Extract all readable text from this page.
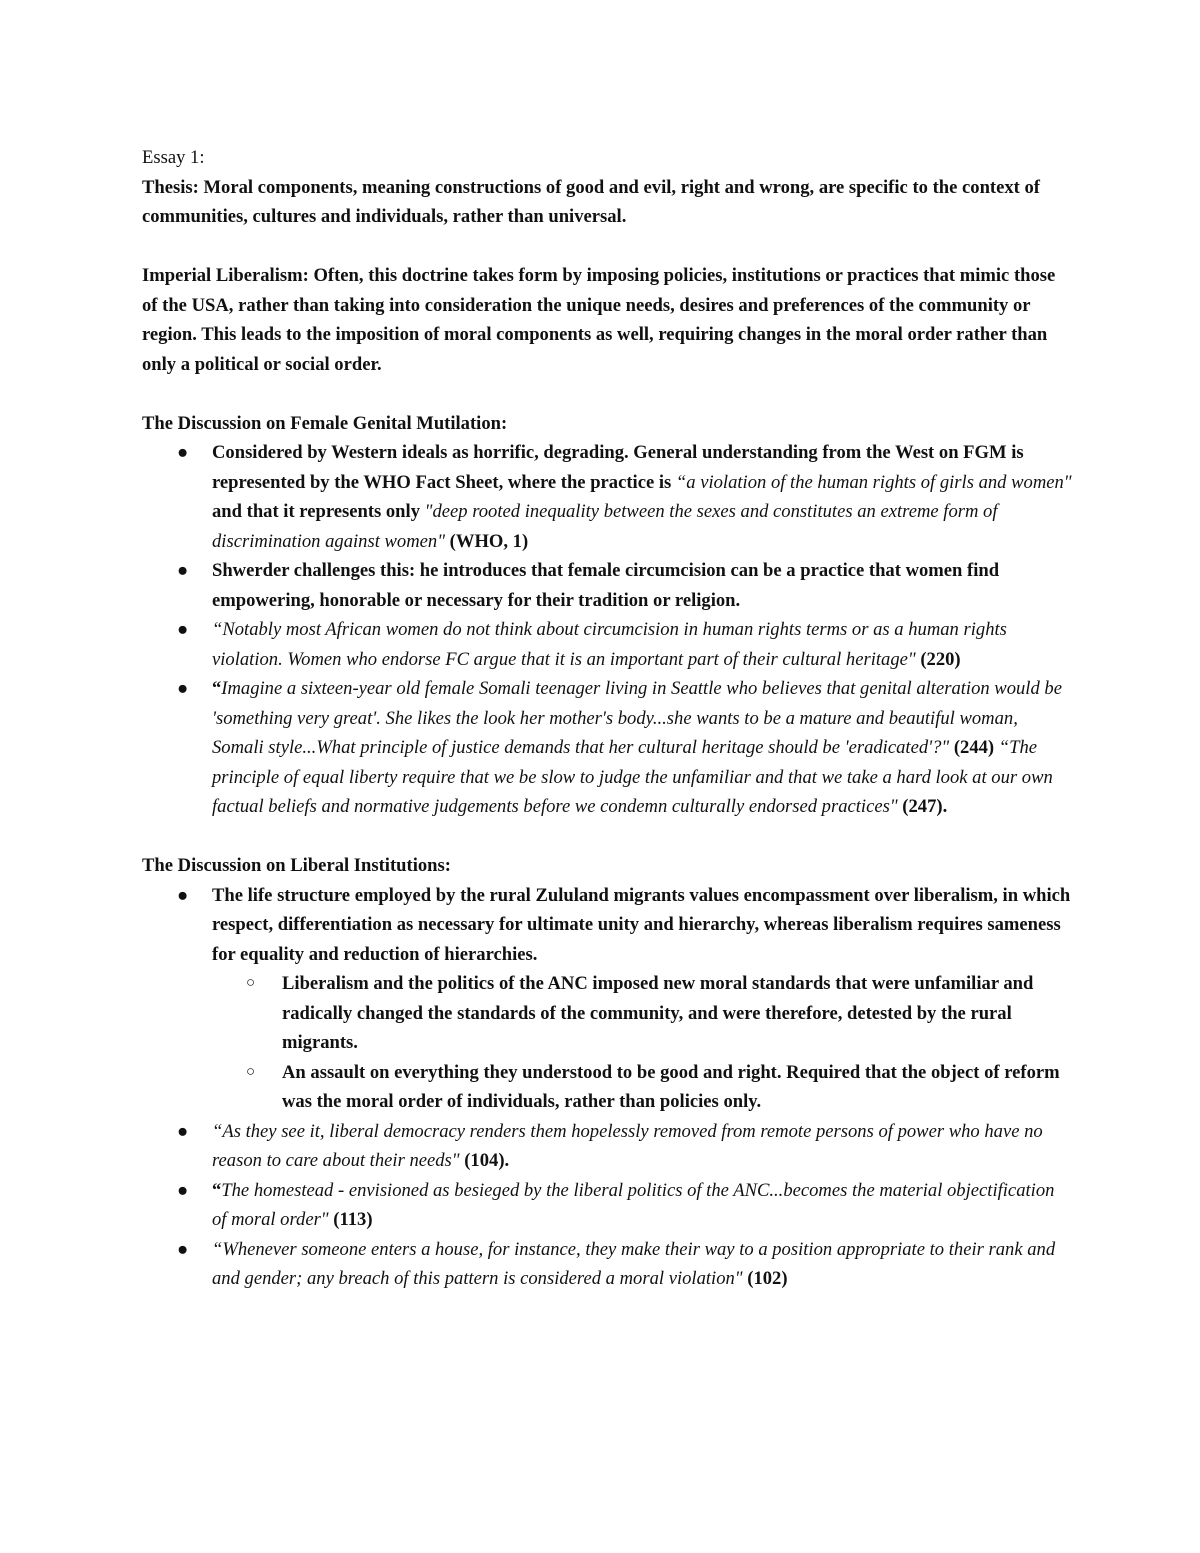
Essay 1:

Thesis: Moral components, meaning constructions of good and evil, right and wrong, are specific to the context of communities, cultures and individuals, rather than universal.

Imperial Liberalism: Often, this doctrine takes form by imposing policies, institutions or practices that mimic those of the USA, rather than taking into consideration the unique needs, desires and preferences of the community or region. This leads to the imposition of moral components as well, requiring changes in the moral order rather than only a political or social order.

The Discussion on Female Genital Mutilation:

● Considered by Western ideals as horrific, degrading. General understanding from the West on FGM is represented by the WHO Fact Sheet, where the practice is “a violation of the human rights of girls and women" and that it represents only "deep rooted inequality between the sexes and constitutes an extreme form of discrimination against women" (WHO, 1)
● Shwerder challenges this: he introduces that female circumcision can be a practice that women find empowering, honorable or necessary for their tradition or religion.
● “Notably most African women do not think about circumcision in human rights terms or as a human rights violation. Women who endorse FC argue that it is an important part of their cultural heritage" (220)
● “Imagine a sixteen-year old female Somali teenager living in Seattle who believes that genital alteration would be 'something very great'. She likes the look her mother's body...she wants to be a mature and beautiful woman, Somali style...What principle of justice demands that her cultural heritage should be 'eradicated'?" (244) “The principle of equal liberty require that we be slow to judge the unfamiliar and that we take a hard look at our own factual beliefs and normative judgements before we condemn culturally endorsed practices" (247).

The Discussion on Liberal Institutions:

● The life structure employed by the rural Zululand migrants values encompassment over liberalism, in which respect, differentiation as necessary for ultimate unity and hierarchy, whereas liberalism requires sameness for equality and reduction of hierarchies.
○ Liberalism and the politics of the ANC imposed new moral standards that were unfamiliar and radically changed the standards of the community, and were therefore, detested by the rural migrants.
○ An assault on everything they understood to be good and right. Required that the object of reform was the moral order of individuals, rather than policies only.
● “As they see it, liberal democracy renders them hopelessly removed from remote persons of power who have no reason to care about their needs" (104).
● “The homestead - envisioned as besieged by the liberal politics of the ANC...becomes the material objectification of moral order" (113)
● “Whenever someone enters a house, for instance, they make their way to a position appropriate to their rank and and gender; any breach of this pattern is considered a moral violation" (102)
